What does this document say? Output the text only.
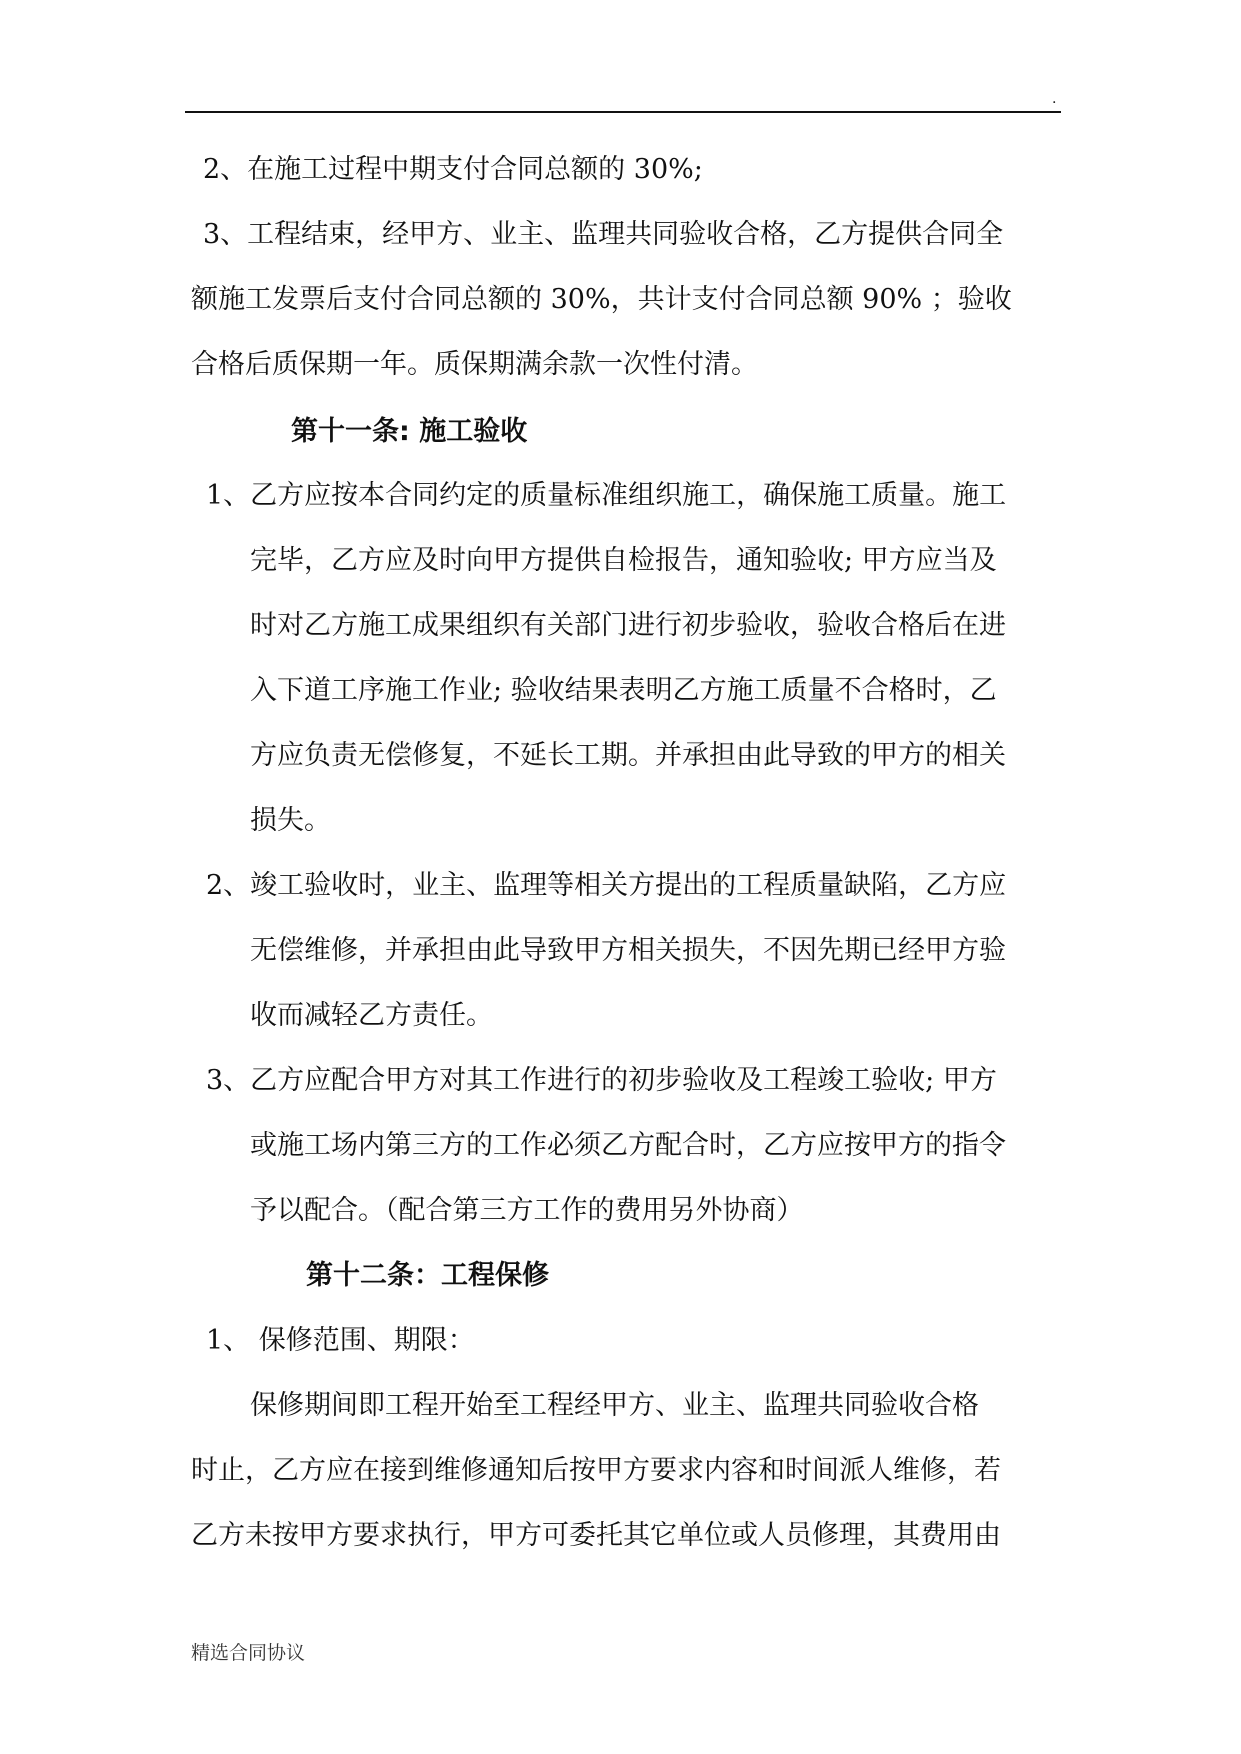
.
2、在施工过程中期支付合同总额的 30%;
3、工程结束，经甲方、业主、监理共同验收合格，乙方提供合同全
额施工发票后支付合同总额的 30%，共计支付合同总额 90% ；验收
合格后质保期一年。质保期满余款一次性付清。
第十一条: 施工验收
1、乙方应按本合同约定的质量标准组织施工，确保施工质量。施工
完毕，乙方应及时向甲方提供自检报告，通知验收; 甲方应当及
时对乙方施工成果组织有关部门进行初步验收，验收合格后在进
入下道工序施工作业; 验收结果表明乙方施工质量不合格时，乙
方应负责无偿修复，不延长工期。并承担由此导致的甲方的相关
损失。
2、竣工验收时，业主、监理等相关方提出的工程质量缺陷，乙方应
无偿维修，并承担由此导致甲方相关损失，不因先期已经甲方验
收而减轻乙方责任。
3、乙方应配合甲方对其工作进行的初步验收及工程竣工验收; 甲方
或施工场内第三方的工作必须乙方配合时，乙方应按甲方的指令
予以配合。（配合第三方工作的费用另外协商）
第十二条：工程保修
1、 保修范围、期限：
保修期间即工程开始至工程经甲方、业主、监理共同验收合格
时止，乙方应在接到维修通知后按甲方要求内容和时间派人维修，若
乙方未按甲方要求执行，甲方可委托其它单位或人员修理，其费用由
精选合同协议
